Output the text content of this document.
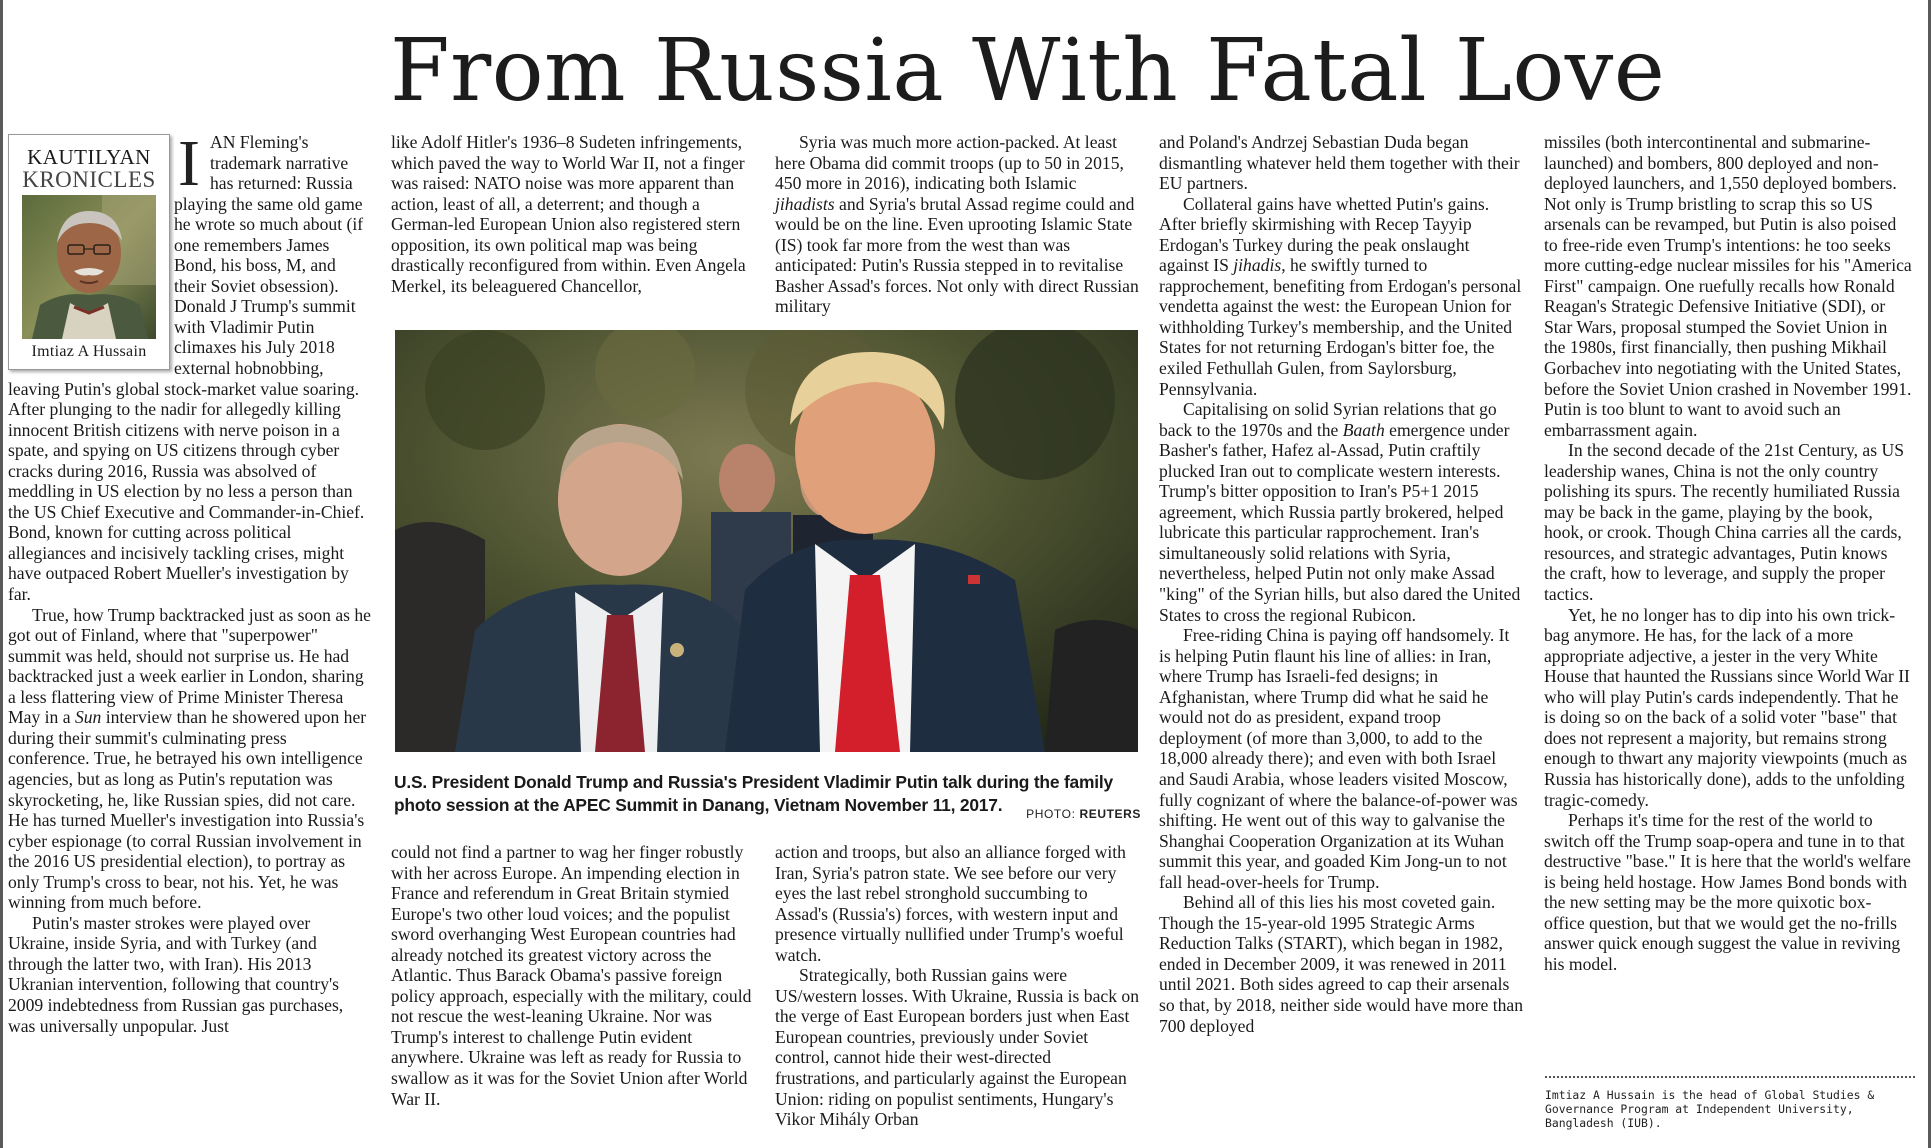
From Russia With Fatal Love
KAUTILYAN
KRONICLES
Imtiaz A Hussain

IAN Fleming's trademark narrative has returned: Russia playing the same old game he wrote so much about (if one remembers James Bond, his boss, M, and their Soviet obsession). Donald J Trump's summit with Vladimir Putin climaxes his July 2018 external hobnobbing, leaving Putin's global stock-market value soaring. After plunging to the nadir for allegedly killing innocent British citizens with nerve poison in a spate, and spying on US citizens through cyber cracks during 2016, Russia was absolved of meddling in US election by no less a person than the US Chief Executive and Commander-in-Chief. Bond, known for cutting across political allegiances and incisively tackling crises, might have outpaced Robert Mueller's investigation by far.

True, how Trump backtracked just as soon as he got out of Finland, where that "superpower" summit was held, should not surprise us. He had backtracked just a week earlier in London, sharing a less flattering view of Prime Minister Theresa May in a Sun interview than he showered upon her during their summit's culminating press conference. True, he betrayed his own intelligence agencies, but as long as Putin's reputation was skyrocketing, he, like Russian spies, did not care. He has turned Mueller's investigation into Russia's cyber espionage (to corral Russian involvement in the 2016 US presidential election), to portray as only Trump's cross to bear, not his. Yet, he was winning from much before.

Putin's master strokes were played over Ukraine, inside Syria, and with Turkey (and through the latter two, with Iran). His 2013 Ukranian intervention, following that country's 2009 indebtedness from Russian gas purchases, was universally unpopular. Just

like Adolf Hitler's 1936–8 Sudeten infringements, which paved the way to World War II, not a finger was raised: NATO noise was more apparent than action, least of all, a deterrent; and though a German-led European Union also registered stern opposition, its own political map was being drastically reconfigured from within. Even Angela Merkel, its beleaguered Chancellor,

Syria was much more action-packed. At least here Obama did commit troops (up to 50 in 2015, 450 more in 2016), indicating both Islamic jihadists and Syria's brutal Assad regime could and would be on the line. Even uprooting Islamic State (IS) took far more from the west than was anticipated: Putin's Russia stepped in to revitalise Basher Assad's forces. Not only with direct Russian military

U.S. President Donald Trump and Russia's President Vladimir Putin talk during the family photo session at the APEC Summit in Danang, Vietnam November 11, 2017.	PHOTO: REUTERS

could not find a partner to wag her finger robustly with her across Europe. An impending election in France and referendum in Great Britain stymied Europe's two other loud voices; and the populist sword overhanging West European countries had already notched its greatest victory across the Atlantic. Thus Barack Obama's passive foreign policy approach, especially with the military, could not rescue the west-leaning Ukraine. Nor was Trump's interest to challenge Putin evident anywhere. Ukraine was left as ready for Russia to swallow as it was for the Soviet Union after World War II.

action and troops, but also an alliance forged with Iran, Syria's patron state. We see before our very eyes the last rebel stronghold succumbing to Assad's (Russia's) forces, with western input and presence virtually nullified under Trump's woeful watch.

Strategically, both Russian gains were US/western losses. With Ukraine, Russia is back on the verge of East European borders just when East European countries, previously under Soviet control, cannot hide their west-directed frustrations, and particularly against the European Union: riding on populist sentiments, Hungary's Vikor Mihály Orban

and Poland's Andrzej Sebastian Duda began dismantling whatever held them together with their EU partners.

Collateral gains have whetted Putin's gains. After briefly skirmishing with Recep Tayyip Erdogan's Turkey during the peak onslaught against IS jihadis, he swiftly turned to rapprochement, benefiting from Erdogan's personal vendetta against the west: the European Union for withholding Turkey's membership, and the United States for not returning Erdogan's bitter foe, the exiled Fethullah Gulen, from Saylorsburg, Pennsylvania.

Capitalising on solid Syrian relations that go back to the 1970s and the Baath emergence under Basher's father, Hafez al-Assad, Putin craftily plucked Iran out to complicate western interests. Trump's bitter opposition to Iran's P5+1 2015 agreement, which Russia partly brokered, helped lubricate this particular rapprochement. Iran's simultaneously solid relations with Syria, nevertheless, helped Putin not only make Assad "king" of the Syrian hills, but also dared the United States to cross the regional Rubicon.

Free-riding China is paying off handsomely. It is helping Putin flaunt his line of allies: in Iran, where Trump has Israeli-fed designs; in Afghanistan, where Trump did what he said he would not do as president, expand troop deployment (of more than 3,000, to add to the 18,000 already there); and even with both Israel and Saudi Arabia, whose leaders visited Moscow, fully cognizant of where the balance-of-power was shifting. He went out of this way to galvanise the Shanghai Cooperation Organization at its Wuhan summit this year, and goaded Kim Jong-un to not fall head-over-heels for Trump.

Behind all of this lies his most coveted gain. Though the 15-year-old 1995 Strategic Arms Reduction Talks (START), which began in 1982, ended in December 2009, it was renewed in 2011 until 2021. Both sides agreed to cap their arsenals so that, by 2018, neither side would have more than 700 deployed

missiles (both intercontinental and submarine-launched) and bombers, 800 deployed and non-deployed launchers, and 1,550 deployed bombers. Not only is Trump bristling to scrap this so US arsenals can be revamped, but Putin is also poised to free-ride even Trump's intentions: he too seeks more cutting-edge nuclear missiles for his "America First" campaign. One ruefully recalls how Ronald Reagan's Strategic Defensive Initiative (SDI), or Star Wars, proposal stumped the Soviet Union in the 1980s, first financially, then pushing Mikhail Gorbachev into negotiating with the United States, before the Soviet Union crashed in November 1991. Putin is too blunt to want to avoid such an embarrassment again.

In the second decade of the 21st Century, as US leadership wanes, China is not the only country polishing its spurs. The recently humiliated Russia may be back in the game, playing by the book, hook, or crook. Though China carries all the cards, resources, and strategic advantages, Putin knows the craft, how to leverage, and supply the proper tactics.

Yet, he no longer has to dip into his own trick-bag anymore. He has, for the lack of a more appropriate adjective, a jester in the very White House that haunted the Russians since World War II who will play Putin's cards independently. That he is doing so on the back of a solid voter "base" that does not represent a majority, but remains strong enough to thwart any majority viewpoints (much as Russia has historically done), adds to the unfolding tragic-comedy.

Perhaps it's time for the rest of the world to switch off the Trump soap-opera and tune in to that destructive "base." It is here that the world's welfare is being held hostage. How James Bond bonds with the new setting may be the more quixotic box-office question, but that we would get the no-frills answer quick enough suggest the value in reviving his model.

Imtiaz A Hussain is the head of Global Studies & Governance Program at Independent University, Bangladesh (IUB).
